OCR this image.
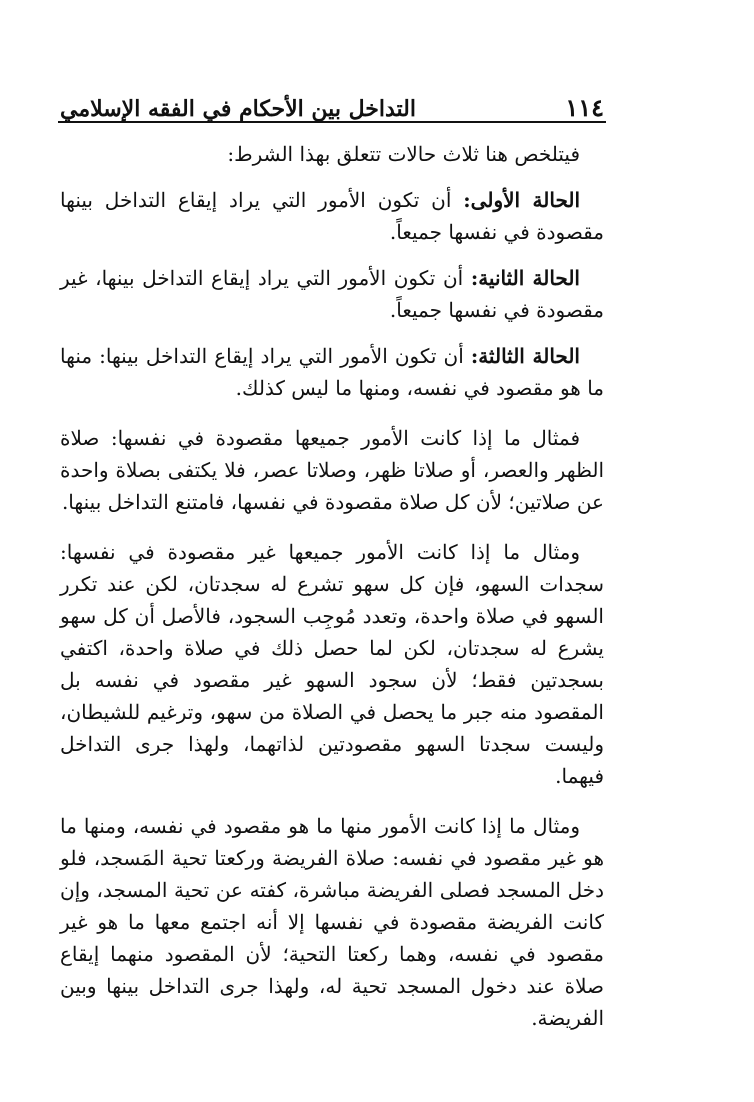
١١٤
التداخل بين الأحكام في الفقه الإسلامي

فيتلخص هنا ثلاث حالات تتعلق بهذا الشرط:

الحالة الأولى: أن تكون الأمور التي يراد إيقاع التداخل بينها مقصودة في نفسها جميعاً.

الحالة الثانية: أن تكون الأمور التي يراد إيقاع التداخل بينها، غير مقصودة في نفسها جميعاً.

الحالة الثالثة: أن تكون الأمور التي يراد إيقاع التداخل بينها: منها ما هو مقصود في نفسه، ومنها ما ليس كذلك.

فمثال ما إذا كانت الأمور جميعها مقصودة في نفسها: صلاة الظهر والعصر، أو صلاتا ظهر، وصلاتا عصر، فلا يكتفى بصلاة واحدة عن صلاتين؛ لأن كل صلاة مقصودة في نفسها، فامتنع التداخل بينها.

ومثال ما إذا كانت الأمور جميعها غير مقصودة في نفسها: سجدات السهو، فإن كل سهو تشرع له سجدتان، لكن عند تكرر السهو في صلاة واحدة، وتعدد مُوجِب السجود، فالأصل أن كل سهو يشرع له سجدتان، لكن لما حصل ذلك في صلاة واحدة، اكتفي بسجدتين فقط؛ لأن سجود السهو غير مقصود في نفسه بل المقصود منه جبر ما يحصل في الصلاة من سهو، وترغيم للشيطان، وليست سجدتا السهو مقصودتين لذاتهما، ولهذا جرى التداخل فيهما.

ومثال ما إذا كانت الأمور منها ما هو مقصود في نفسه، ومنها ما هو غير مقصود في نفسه: صلاة الفريضة وركعتا تحية المَسجد، فلو دخل المسجد فصلى الفريضة مباشرة، كفته عن تحية المسجد، وإن كانت الفريضة مقصودة في نفسها إلا أنه اجتمع معها ما هو غير مقصود في نفسه، وهما ركعتا التحية؛ لأن المقصود منهما إيقاع صلاة عند دخول المسجد تحية له، ولهذا جرى التداخل بينها وبين الفريضة.
